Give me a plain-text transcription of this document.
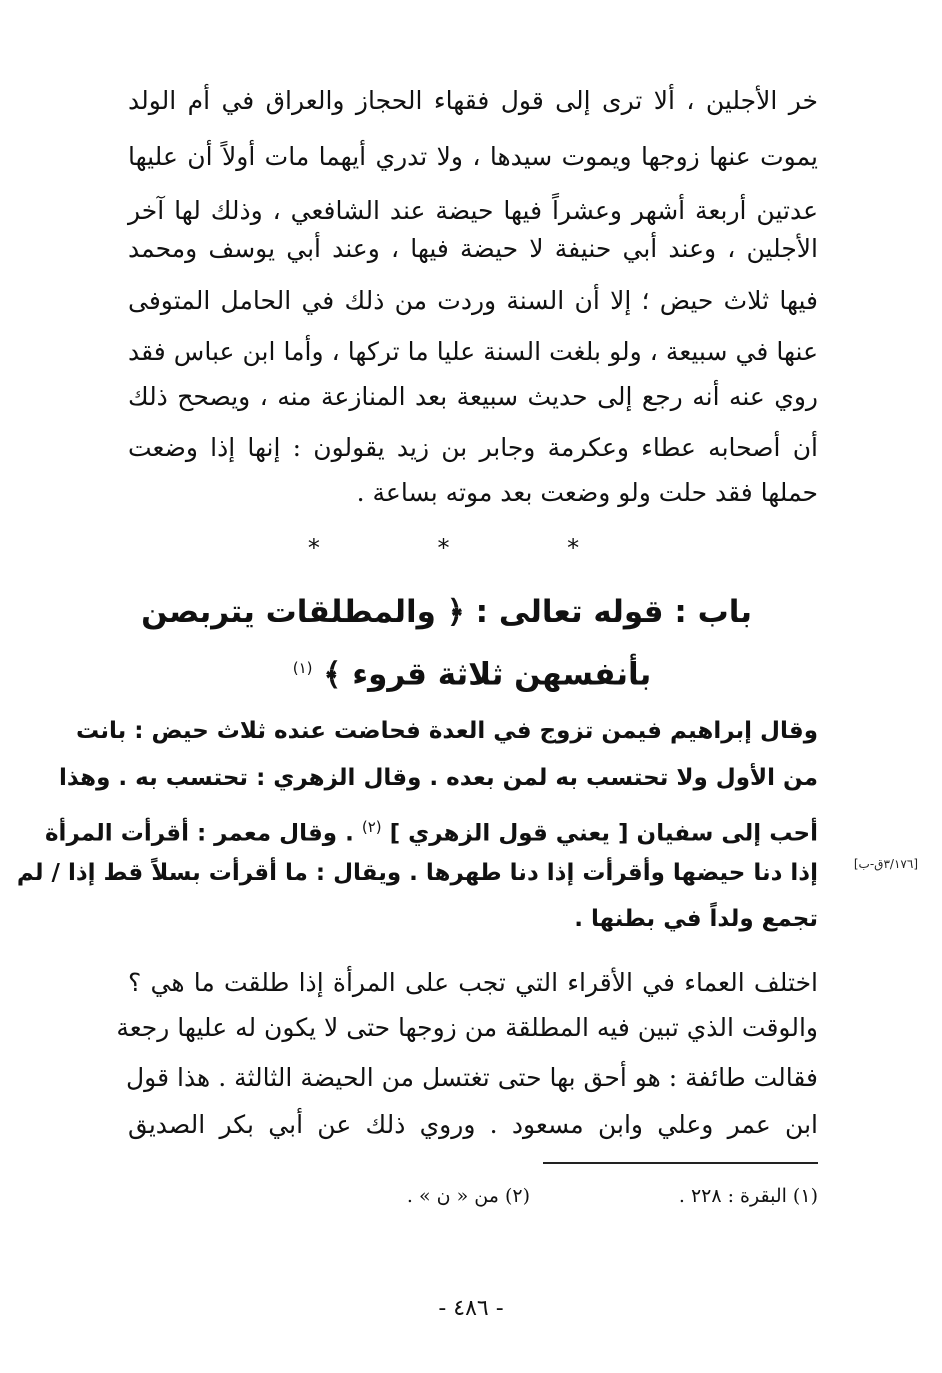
خر الأجلين ، ألا ترى إلى قول فقهاء الحجاز والعراق في أم الولد
يموت عنها زوجها ويموت سيدها ، ولا تدري أيهما مات أولاً أن عليها
عدتين أربعة أشهر وعشراً فيها حيضة عند الشافعي ، وذلك لها آخر
الأجلين ، وعند أبي حنيفة لا حيضة فيها ، وعند أبي يوسف ومحمد
فيها ثلاث حيض ؛ إلا أن السنة وردت من ذلك في الحامل المتوفى
عنها في سبيعة ، ولو بلغت السنة عليا ما تركها ، وأما ابن عباس فقد
روي عنه أنه رجع إلى حديث سبيعة بعد المنازعة منه ، ويصحح ذلك
أن أصحابه عطاء وعكرمة وجابر بن زيد يقولون : إنها إذا وضعت
حملها فقد حلت ولو وضعت بعد موته بساعة .
* * *
باب : قوله تعالى : ﴿ والمطلقات يتربصن
بأنفسهن ثلاثة قروء ﴾ $^{(١)}$
وقال إبراهيم فيمن تزوج في العدة فحاضت عنده ثلاث حيض : بانت
من الأول ولا تحتسب به لمن بعده . وقال الزهري : تحتسب به . وهذا
أحب إلى سفيان [ يعني قول الزهري ] $^{(٢)}$ . وقال معمر : أقرأت المرأة
إذا دنا حيضها وأقرأت إذا دنا طهرها . ويقال : ما أقرأت بسلاً قط إذا / لم
تجمع ولداً في بطنها .
[٣/١٧٦ق-ب]
اختلف العماء في الأقراء التي تجب على المرأة إذا طلقت ما هي ؟
والوقت الذي تبين فيه المطلقة من زوجها حتى لا يكون له عليها رجعة
فقالت طائفة : هو أحق بها حتى تغتسل من الحيضة الثالثة . هذا قول
ابن عمر وعلي وابن مسعود . وروي ذلك عن أبي بكر الصديق
(١) البقرة : ٢٢٨ .
(٢) من « ن » .
- ٤٨٦ -
